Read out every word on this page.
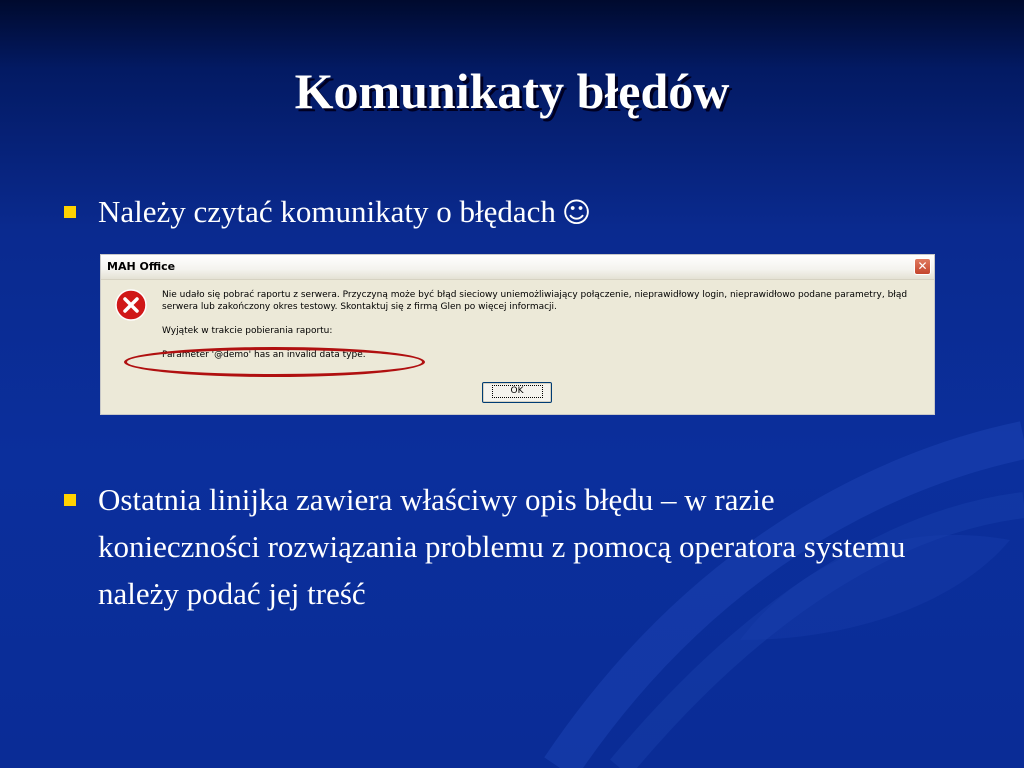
Komunikaty błędów
Należy czytać komunikaty o błędach ☺
MAH Office	✕

Nie udało się pobrać raportu z serwera. Przyczyną może być błąd sieciowy uniemożliwiający połączenie, nieprawidłowy login, nieprawidłowo podane parametry, błąd serwera lub zakończony okres testowy. Skontaktuj się z firmą Glen po więcej informacji.

Wyjątek w trakcie pobierania raportu:

Parameter '@demo' has an invalid data type.

OK
Ostatnia linijka zawiera właściwy opis błędu – w razie konieczności rozwiązania problemu z pomocą operatora systemu należy podać jej treść
